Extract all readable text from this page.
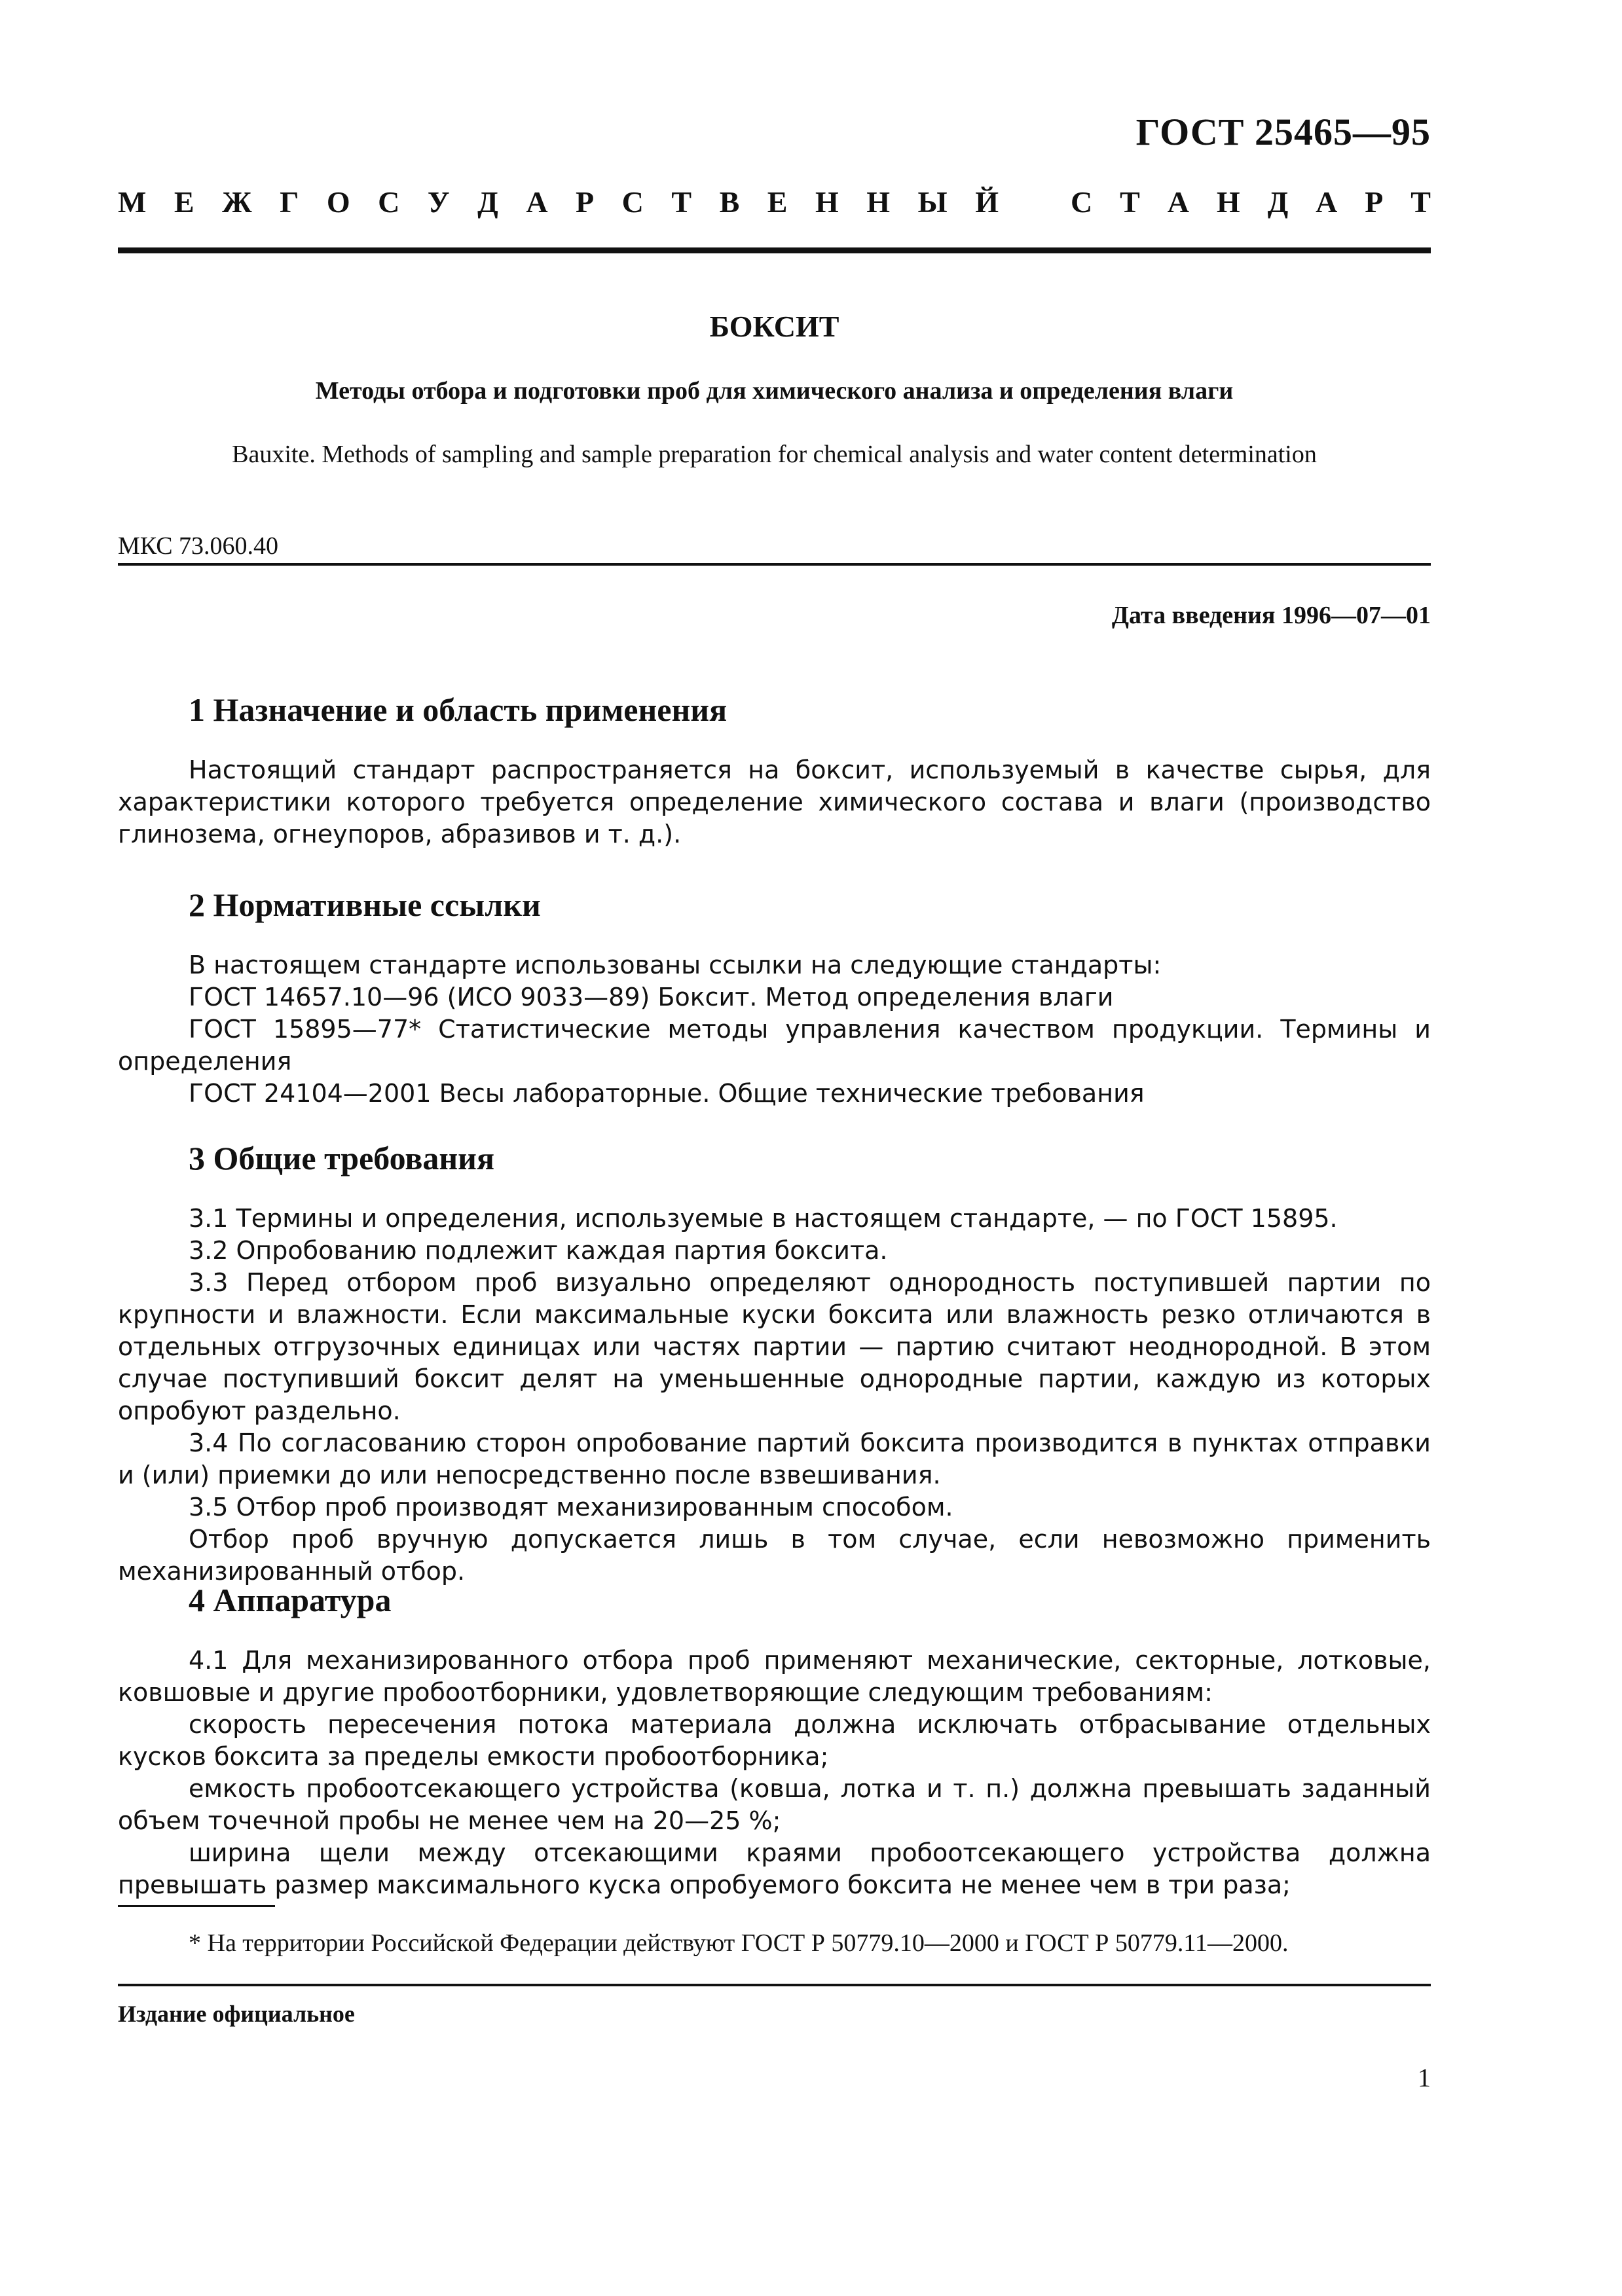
ГОСТ 25465—95
М Е Ж Г О С У Д А Р С Т В Е Н Н Ы Й С Т А Н Д А Р Т
БОКСИТ
Методы отбора и подготовки проб для химического анализа и определения влаги
Bauxite. Methods of sampling and sample preparation for chemical analysis and water content determination
МКС 73.060.40
Дата введения 1996—07—01
1 Назначение и область применения

Настоящий стандарт распространяется на боксит, используемый в качестве сырья, для характеристики которого требуется определение химического состава и влаги (производство глинозема, огнеупоров, абразивов и т. д.).

2 Нормативные ссылки

В настоящем стандарте использованы ссылки на следующие стандарты:

ГОСТ 14657.10—96 (ИСО 9033—89) Боксит. Метод определения влаги

ГОСТ 15895—77* Статистические методы управления качеством продукции. Термины и определения

ГОСТ 24104—2001 Весы лабораторные. Общие технические требования

3 Общие требования

3.1 Термины и определения, используемые в настоящем стандарте, — по ГОСТ 15895.

3.2 Опробованию подлежит каждая партия боксита.

3.3 Перед отбором проб визуально определяют однородность поступившей партии по крупности и влажности. Если максимальные куски боксита или влажность резко отличаются в отдельных отгрузочных единицах или частях партии — партию считают неоднородной. В этом случае поступивший боксит делят на уменьшенные однородные партии, каждую из которых опробуют раздельно.

3.4 По согласованию сторон опробование партий боксита производится в пунктах отправки и (или) приемки до или непосредственно после взвешивания.

3.5 Отбор проб производят механизированным способом.

Отбор проб вручную допускается лишь в том случае, если невозможно применить механизированный отбор.

4 Аппаратура

4.1 Для механизированного отбора проб применяют механические, секторные, лотковые, ковшовые и другие пробоотборники, удовлетворяющие следующим требованиям:

скорость пересечения потока материала должна исключать отбрасывание отдельных кусков боксита за пределы емкости пробоотборника;

емкость пробоотсекающего устройства (ковша, лотка и т. п.) должна превышать заданный объем точечной пробы не менее чем на 20—25 %;

ширина щели между отсекающими краями пробоотсекающего устройства должна превышать размер максимального куска опробуемого боксита не менее чем в три раза;

* На территории Российской Федерации действуют ГОСТ Р 50779.10—2000 и ГОСТ Р 50779.11—2000.
Издание официальное
1
